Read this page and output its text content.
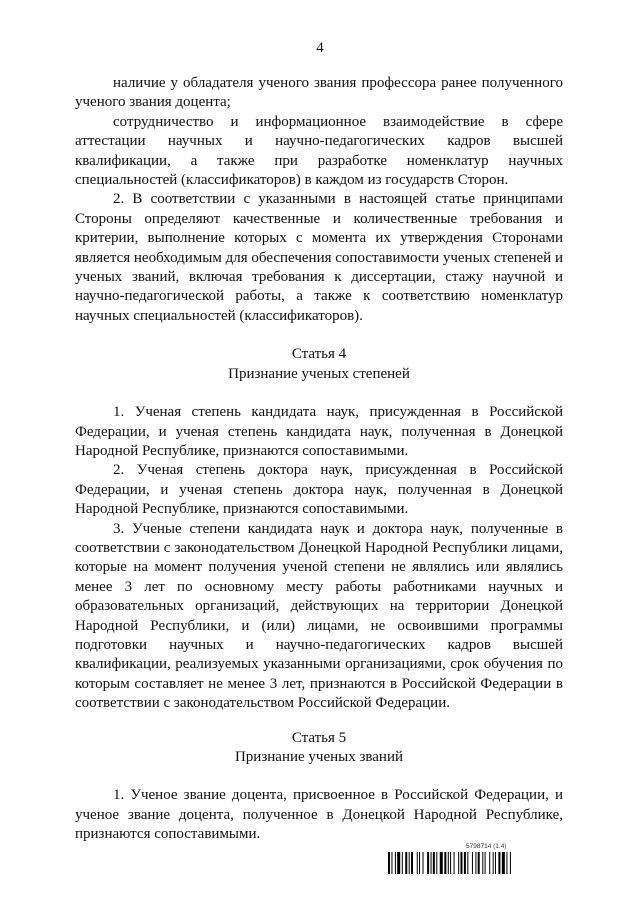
4

наличие у обладателя ученого звания профессора ранее полученного ученого звания доцента;

сотрудничество и информационное взаимодействие в сфере аттестации научных и научно-педагогических кадров высшей квалификации, а также при разработке номенклатур научных специальностей (классификаторов) в каждом из государств Сторон.

2. В соответствии с указанными в настоящей статье принципами Стороны определяют качественные и количественные требования и критерии, выполнение которых с момента их утверждения Сторонами является необходимым для обеспечения сопоставимости ученых степеней и ученых званий, включая требования к диссертации, стажу научной и научно-педагогической работы, а также к соответствию номенклатур научных специальностей (классификаторов).

Статья 4

Признание ученых степеней

1. Ученая степень кандидата наук, присужденная в Российской Федерации, и ученая степень кандидата наук, полученная в Донецкой Народной Республике, признаются сопоставимыми.

2. Ученая степень доктора наук, присужденная в Российской Федерации, и ученая степень доктора наук, полученная в Донецкой Народной Республике, признаются сопоставимыми.

3. Ученые степени кандидата наук и доктора наук, полученные в соответствии с законодательством Донецкой Народной Республики лицами, которые на момент получения ученой степени не являлись или являлись менее 3 лет по основному месту работы работниками научных и образовательных организаций, действующих на территории Донецкой Народной Республики, и (или) лицами, не освоившими программы подготовки научных и научно-педагогических кадров высшей квалификации, реализуемых указанными организациями, срок обучения по которым составляет не менее 3 лет, признаются в Российской Федерации в соответствии с законодательством Российской Федерации.

Статья 5

Признание ученых званий

1. Ученое звание доцента, присвоенное в Российской Федерации, и ученое звание доцента, полученное в Донецкой Народной Республике, признаются сопоставимыми.

5798714 (1.4)
